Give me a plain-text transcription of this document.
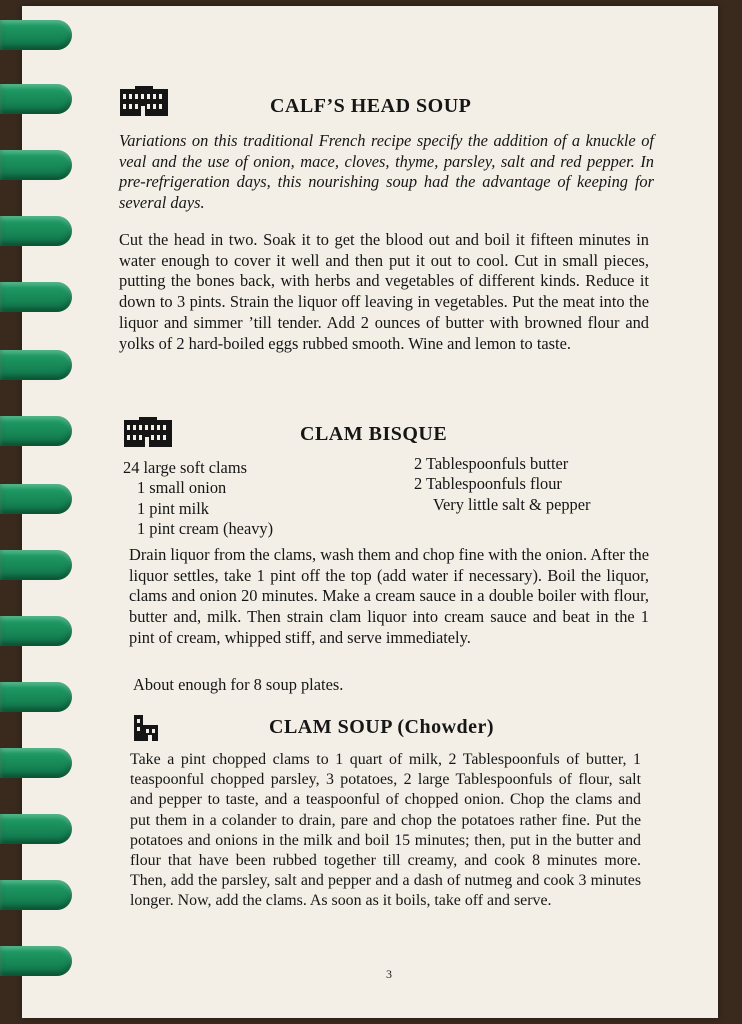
CALF’S HEAD SOUP

Variations on this traditional French recipe specify the addition of a knuckle of veal and the use of onion, mace, cloves, thyme, parsley, salt and red pepper. In pre-refrigeration days, this nourishing soup had the advantage of keeping for several days.

Cut the head in two. Soak it to get the blood out and boil it fifteen minutes in water enough to cover it well and then put it out to cool. Cut in small pieces, putting the bones back, with herbs and vegetables of different kinds. Reduce it down to 3 pints. Strain the liquor off leaving in vegetables. Put the meat into the liquor and simmer ’till tender. Add 2 ounces of butter with browned flour and yolks of 2 hard-boiled eggs rubbed smooth. Wine and lemon to taste.

CLAM BISQUE
24 large soft clams
1 small onion
1 pint milk
1 pint cream (heavy)
2 Tablespoonfuls butter
2 Tablespoonfuls flour
Very little salt & pepper

Drain liquor from the clams, wash them and chop fine with the onion. After the liquor settles, take 1 pint off the top (add water if necessary). Boil the liquor, clams and onion 20 minutes. Make a cream sauce in a double boiler with flour, butter and, milk. Then strain clam liquor into cream sauce and beat in the 1 pint of cream, whipped stiff, and serve immediately.

About enough for 8 soup plates.

CLAM SOUP (Chowder)

Take a pint chopped clams to 1 quart of milk, 2 Tablespoonfuls of butter, 1 teaspoonful chopped parsley, 3 potatoes, 2 large Tablespoonfuls of flour, salt and pepper to taste, and a teaspoonful of chopped onion. Chop the clams and put them in a colander to drain, pare and chop the potatoes rather fine. Put the potatoes and onions in the milk and boil 15 minutes; then, put in the butter and flour that have been rubbed together till creamy, and cook 8 minutes more. Then, add the parsley, salt and pepper and a dash of nutmeg and cook 3 minutes longer. Now, add the clams. As soon as it boils, take off and serve.

3
